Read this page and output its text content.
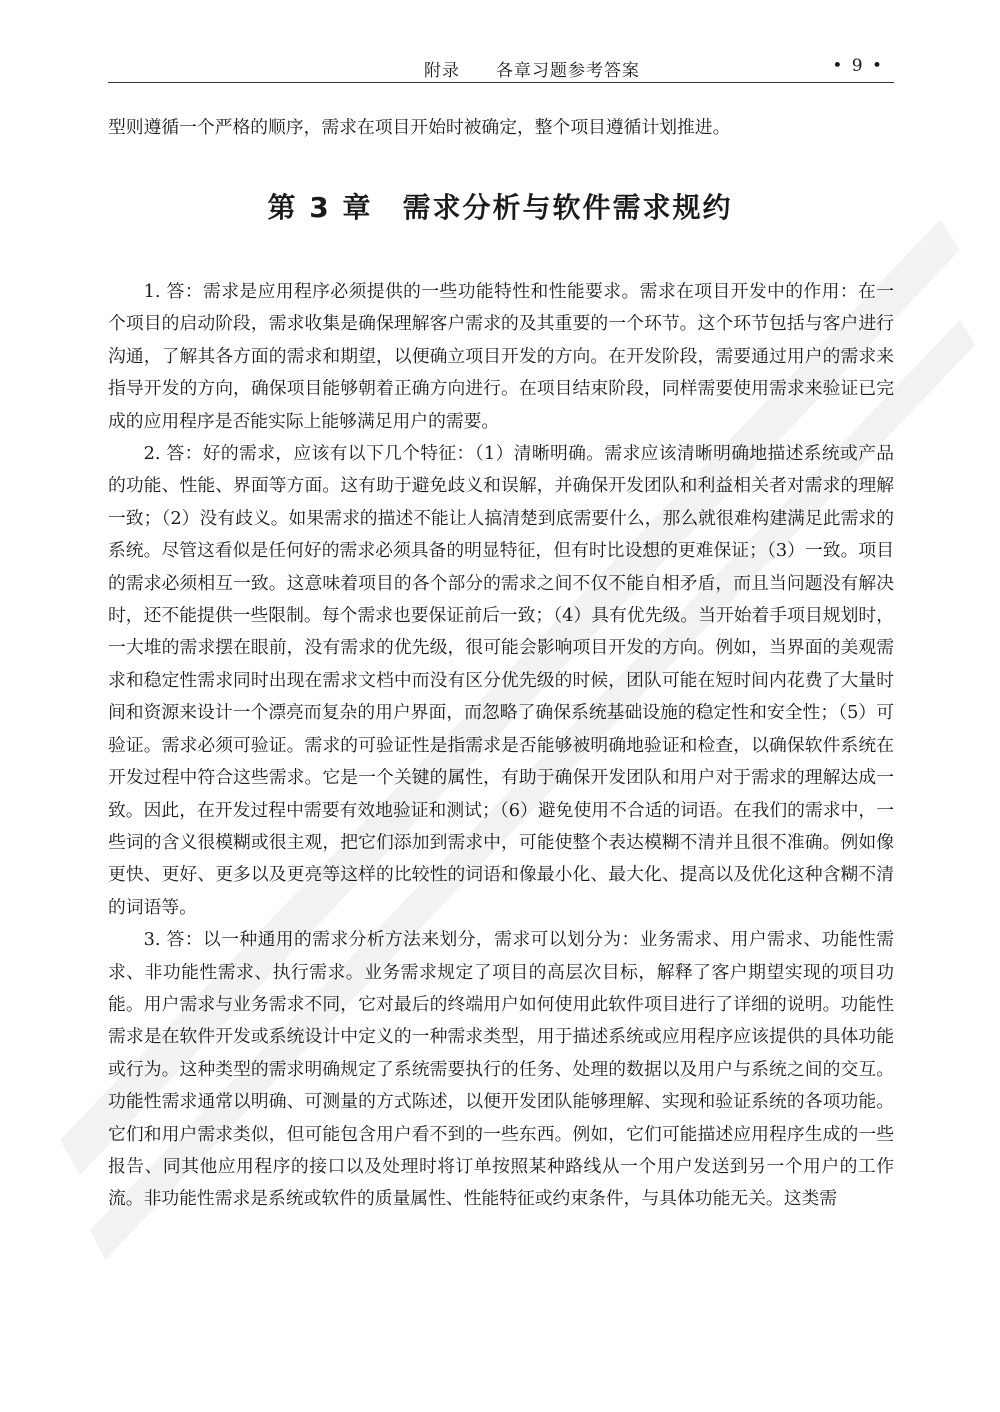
附录　　各章习题参考答案	• 9 •

型则遵循一个严格的顺序，需求在项目开始时被确定，整个项目遵循计划推进。

第 3 章　需求分析与软件需求规约

1. 答：需求是应用程序必须提供的一些功能特性和性能要求。需求在项目开发中的作用：在一个项目的启动阶段，需求收集是确保理解客户需求的及其重要的一个环节。这个环节包括与客户进行沟通，了解其各方面的需求和期望，以便确立项目开发的方向。在开发阶段，需要通过用户的需求来指导开发的方向，确保项目能够朝着正确方向进行。在项目结束阶段，同样需要使用需求来验证已完成的应用程序是否能实际上能够满足用户的需要。

2. 答：好的需求，应该有以下几个特征：（1）清晰明确。需求应该清晰明确地描述系统或产品的功能、性能、界面等方面。这有助于避免歧义和误解，并确保开发团队和利益相关者对需求的理解一致；（2）没有歧义。如果需求的描述不能让人搞清楚到底需要什么，那么就很难构建满足此需求的系统。尽管这看似是任何好的需求必须具备的明显特征，但有时比设想的更难保证；（3）一致。项目的需求必须相互一致。这意味着项目的各个部分的需求之间不仅不能自相矛盾，而且当问题没有解决时，还不能提供一些限制。每个需求也要保证前后一致；（4）具有优先级。当开始着手项目规划时，一大堆的需求摆在眼前，没有需求的优先级，很可能会影响项目开发的方向。例如，当界面的美观需求和稳定性需求同时出现在需求文档中而没有区分优先级的时候，团队可能在短时间内花费了大量时间和资源来设计一个漂亮而复杂的用户界面，而忽略了确保系统基础设施的稳定性和安全性；（5）可验证。需求必须可验证。需求的可验证性是指需求是否能够被明确地验证和检查，以确保软件系统在开发过程中符合这些需求。它是一个关键的属性，有助于确保开发团队和用户对于需求的理解达成一致。因此，在开发过程中需要有效地验证和测试；（6）避免使用不合适的词语。在我们的需求中，一些词的含义很模糊或很主观，把它们添加到需求中，可能使整个表达模糊不清并且很不准确。例如像更快、更好、更多以及更亮等这样的比较性的词语和像最小化、最大化、提高以及优化这种含糊不清的词语等。

3. 答：以一种通用的需求分析方法来划分，需求可以划分为：业务需求、用户需求、功能性需求、非功能性需求、执行需求。业务需求规定了项目的高层次目标，解释了客户期望实现的项目功能。用户需求与业务需求不同，它对最后的终端用户如何使用此软件项目进行了详细的说明。功能性需求是在软件开发或系统设计中定义的一种需求类型，用于描述系统或应用程序应该提供的具体功能或行为。这种类型的需求明确规定了系统需要执行的任务、处理的数据以及用户与系统之间的交互。功能性需求通常以明确、可测量的方式陈述，以便开发团队能够理解、实现和验证系统的各项功能。它们和用户需求类似，但可能包含用户看不到的一些东西。例如，它们可能描述应用程序生成的一些报告、同其他应用程序的接口以及处理时将订单按照某种路线从一个用户发送到另一个用户的工作流。非功能性需求是系统或软件的质量属性、性能特征或约束条件，与具体功能无关。这类需
